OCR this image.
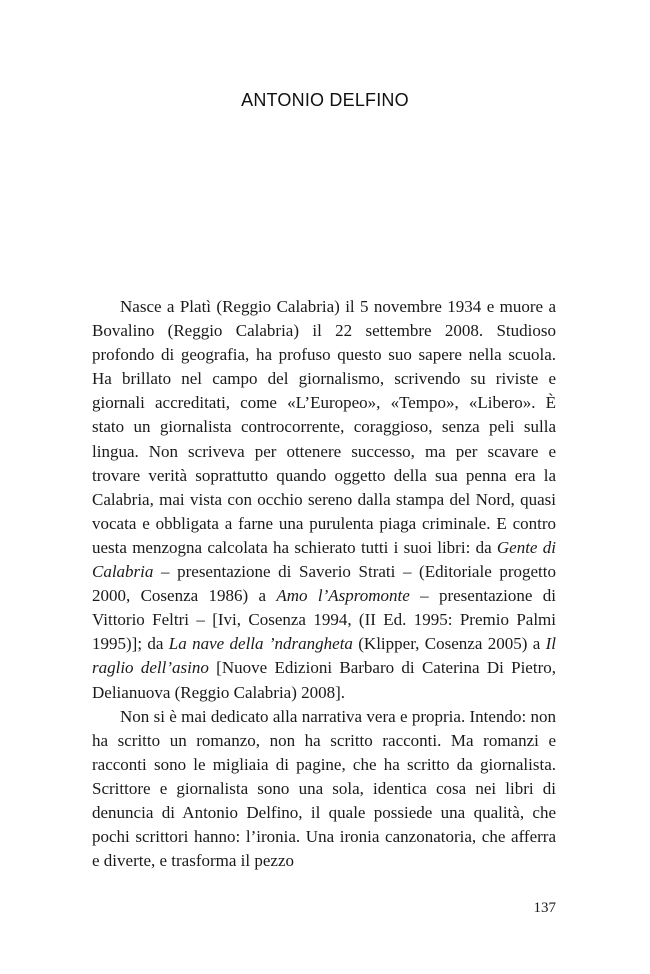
ANTONIO DELFINO

Nasce a Platì (Reggio Calabria) il 5 novembre 1934 e muore a Bovalino (Reggio Calabria) il 22 settembre 2008. Studioso profondo di geografia, ha profuso questo suo sapere nella scuola. Ha brillato nel campo del giornalismo, scrivendo su riviste e giornali accreditati, come «L’Europeo», «Tempo», «Libero». È stato un giornalista controcorrente, coraggioso, senza peli sulla lingua. Non scriveva per ottenere successo, ma per scavare e trovare verità soprattutto quando oggetto della sua penna era la Calabria, mai vista con occhio sereno dalla stampa del Nord, quasi vocata e obbligata a farne una purulenta piaga criminale. E contro uesta menzogna calcolata ha schierato tutti i suoi libri: da Gente di Calabria – presentazione di Saverio Strati – (Editoriale progetto 2000, Cosenza 1986) a Amo l’Aspromonte – presentazione di Vittorio Feltri – [Ivi, Cosenza 1994, (II Ed. 1995: Premio Palmi 1995)]; da La nave della ’ndrangheta (Klipper, Cosenza 2005) a Il raglio dell’asino [Nuove Edizioni Barbaro di Caterina Di Pietro, Delianuova (Reggio Calabria) 2008].

Non si è mai dedicato alla narrativa vera e propria. Intendo: non ha scritto un romanzo, non ha scritto racconti. Ma romanzi e racconti sono le migliaia di pagine, che ha scritto da giornalista. Scrittore e giornalista sono una sola, identica cosa nei libri di denuncia di Antonio Delfino, il quale possiede una qualità, che pochi scrittori hanno: l’ironia. Una ironia canzonatoria, che afferra e diverte, e trasforma il pezzo

137
